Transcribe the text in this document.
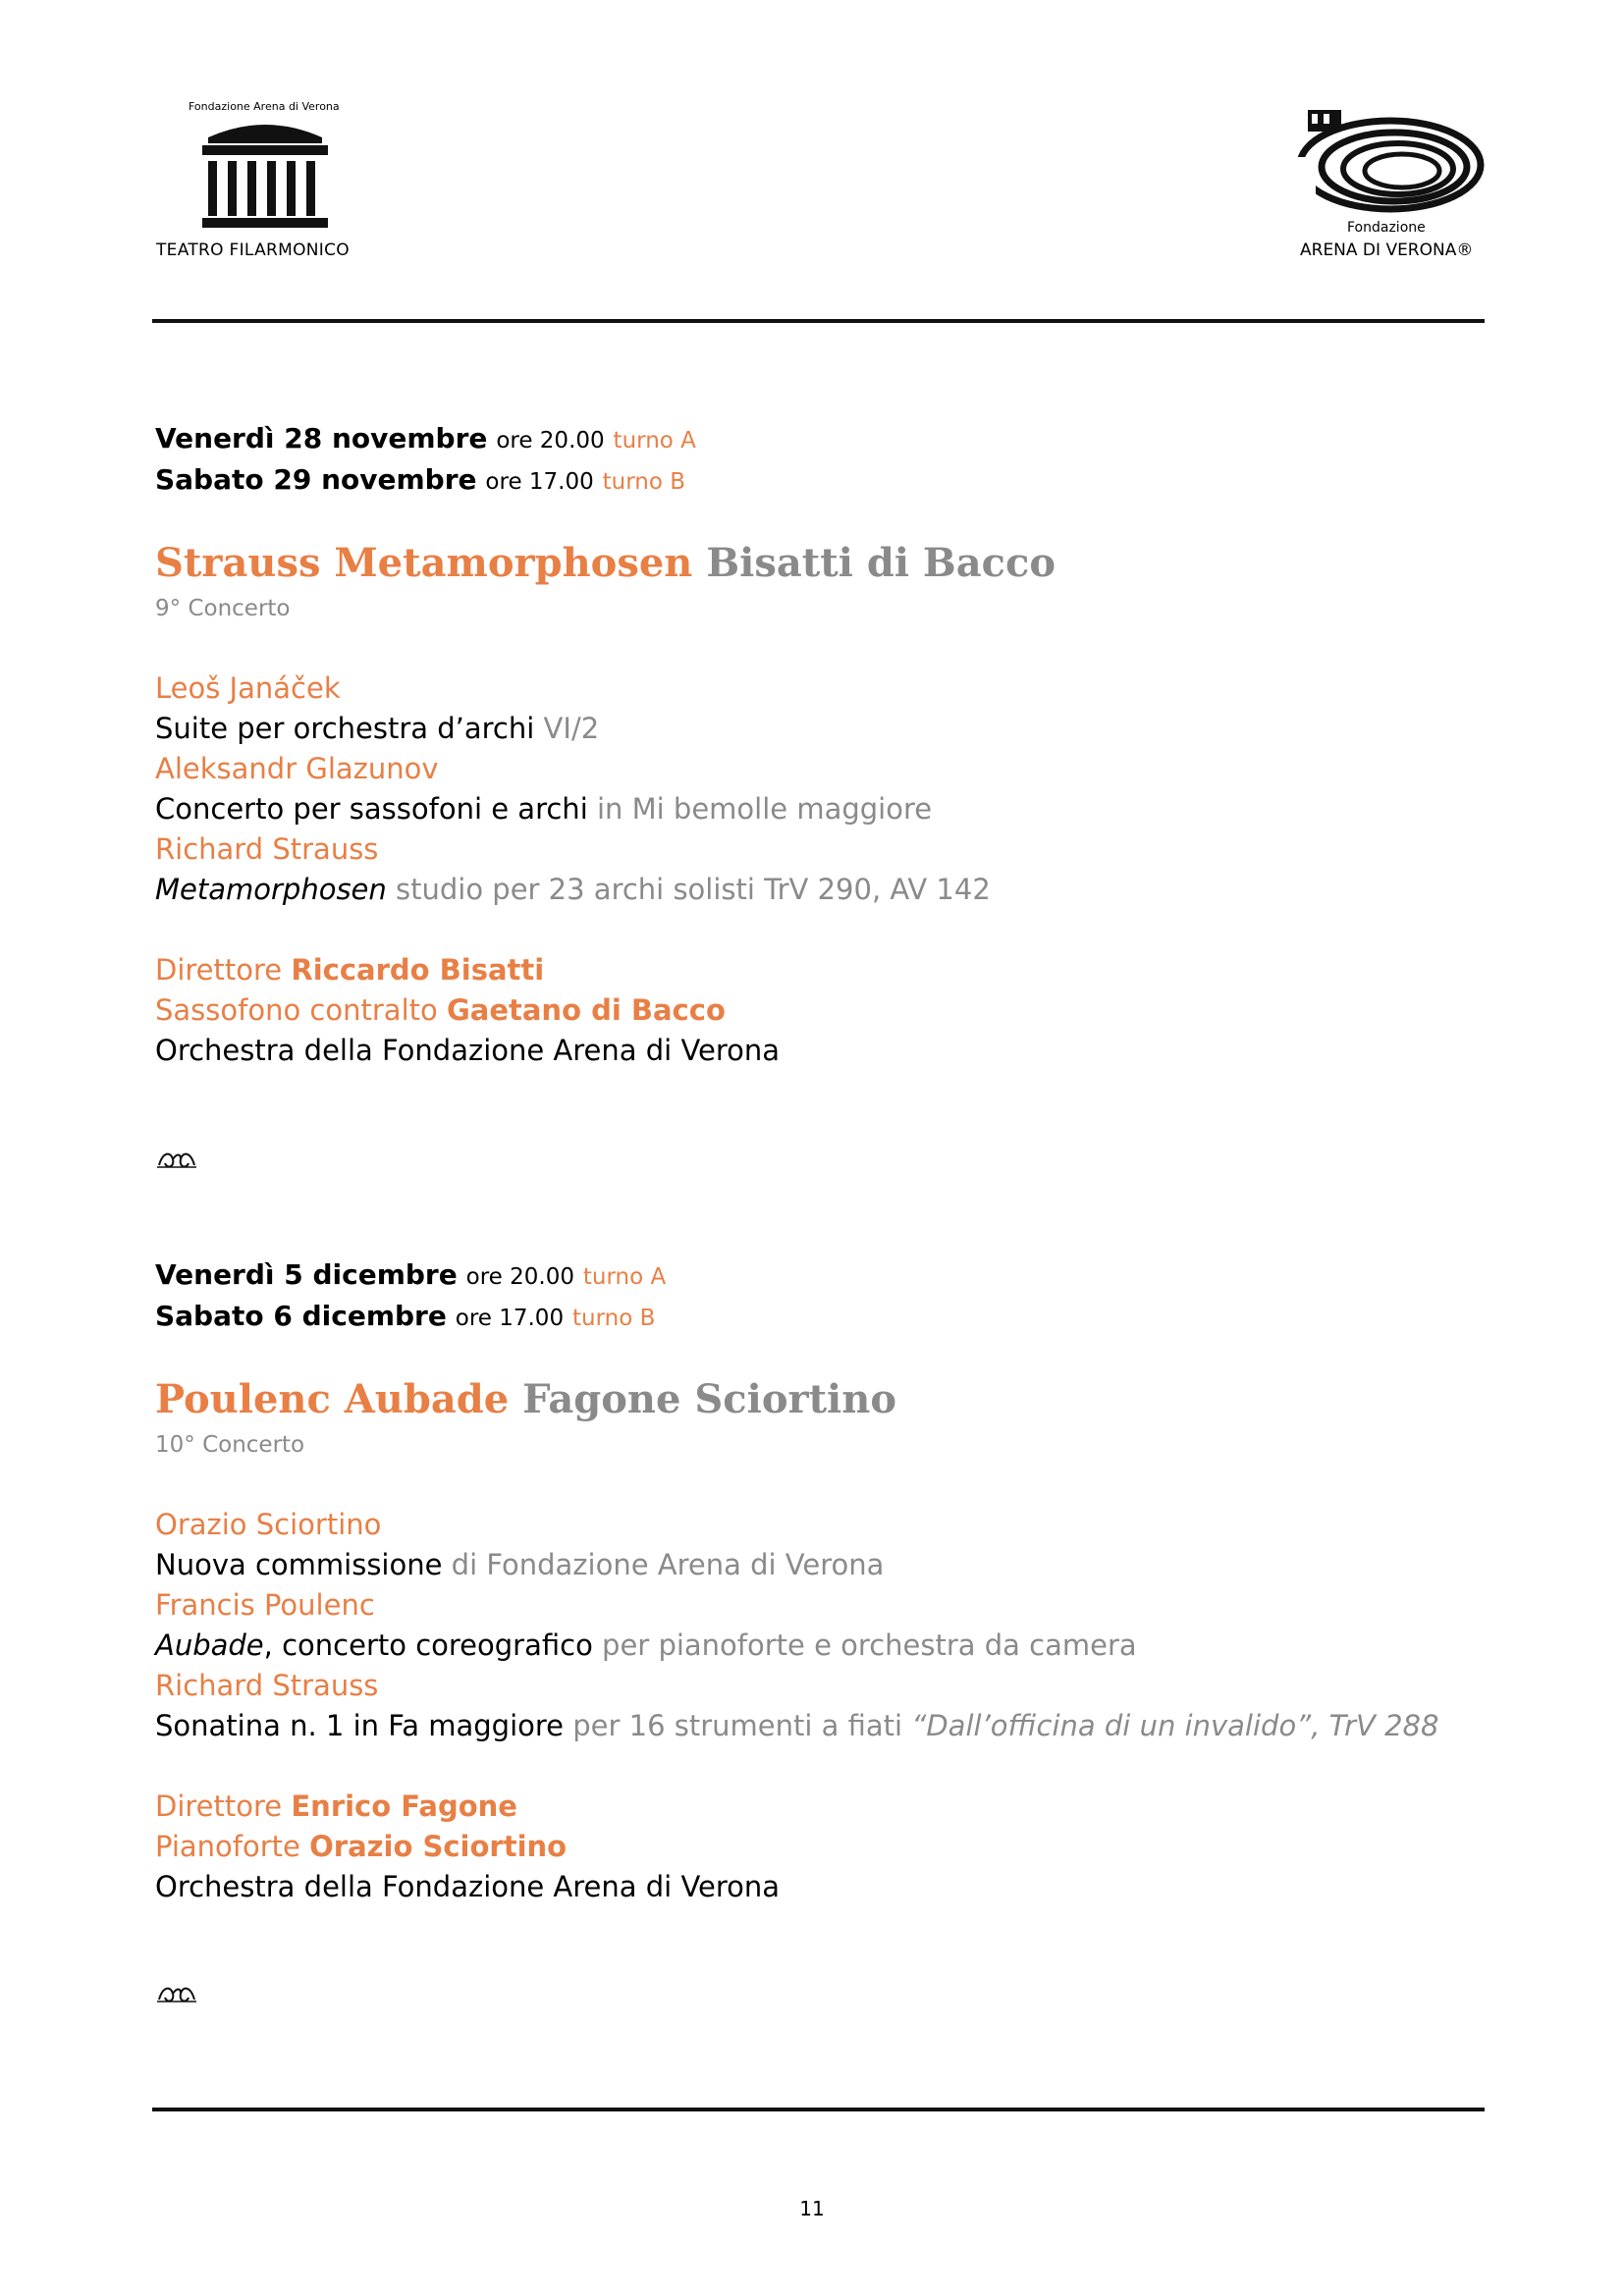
Fondazione Arena di Verona
TEATRO FILARMONICO
Fondazione
ARENA DI VERONA®
Venerdì 28 novembre ore 20.00 turno A
Sabato 29 novembre ore 17.00 turno B
Strauss Metamorphosen Bisatti di Bacco
9° Concerto
Leoš Janáček
Suite per orchestra d’archi VI/2
Aleksandr Glazunov
Concerto per sassofoni e archi in Mi bemolle maggiore
Richard Strauss
Metamorphosen studio per 23 archi solisti TrV 290, AV 142
Direttore Riccardo Bisatti
Sassofono contralto Gaetano di Bacco
Orchestra della Fondazione Arena di Verona
Venerdì 5 dicembre ore 20.00 turno A
Sabato 6 dicembre ore 17.00 turno B
Poulenc Aubade Fagone Sciortino
10° Concerto
Orazio Sciortino
Nuova commissione di Fondazione Arena di Verona
Francis Poulenc
Aubade, concerto coreografico per pianoforte e orchestra da camera
Richard Strauss
Sonatina n. 1 in Fa maggiore per 16 strumenti a fiati “Dall’officina di un invalido”, TrV 288
Direttore Enrico Fagone
Pianoforte Orazio Sciortino
Orchestra della Fondazione Arena di Verona
11
